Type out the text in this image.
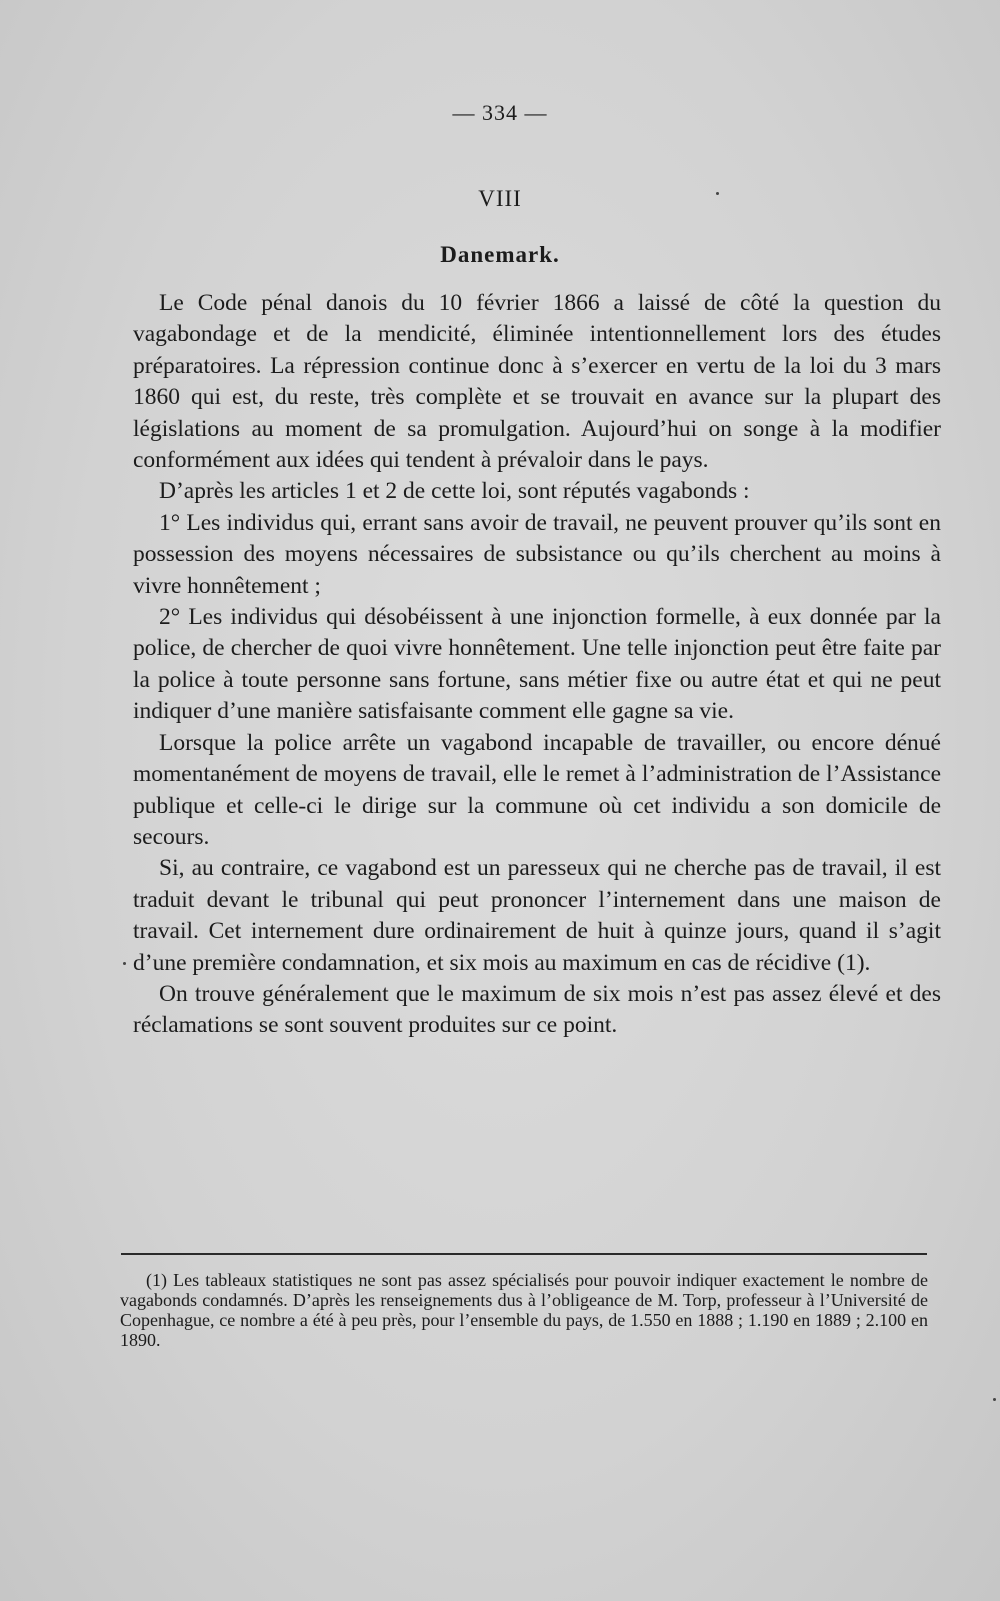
— 334 —
VIII
Danemark.

Le Code pénal danois du 10 février 1866 a laissé de côté la question du vagabondage et de la mendicité, éliminée intentionnellement lors des études préparatoires. La répression continue donc à s’exercer en vertu de la loi du 3 mars 1860 qui est, du reste, très complète et se trouvait en avance sur la plupart des législations au moment de sa promulgation. Aujourd’hui on songe à la modifier conformément aux idées qui tendent à prévaloir dans le pays.

D’après les articles 1 et 2 de cette loi, sont réputés vagabonds :

1° Les individus qui, errant sans avoir de travail, ne peuvent prouver qu’ils sont en possession des moyens nécessaires de subsistance ou qu’ils cherchent au moins à vivre honnêtement ;

2° Les individus qui désobéissent à une injonction formelle, à eux donnée par la police, de chercher de quoi vivre honnêtement. Une telle injonction peut être faite par la police à toute personne sans fortune, sans métier fixe ou autre état et qui ne peut indiquer d’une manière satisfaisante comment elle gagne sa vie.

Lorsque la police arrête un vagabond incapable de travailler, ou encore dénué momentanément de moyens de travail, elle le remet à l’administration de l’Assistance publique et celle-ci le dirige sur la commune où cet individu a son domicile de secours.

Si, au contraire, ce vagabond est un paresseux qui ne cherche pas de travail, il est traduit devant le tribunal qui peut prononcer l’internement dans une maison de travail. Cet internement dure ordinairement de huit à quinze jours, quand il s’agit d’une première condamnation, et six mois au maximum en cas de récidive (1).

On trouve généralement que le maximum de six mois n’est pas assez élevé et des réclamations se sont souvent produites sur ce point.

(1) Les tableaux statistiques ne sont pas assez spécialisés pour pouvoir indiquer exactement le nombre de vagabonds condamnés. D’après les renseignements dus à l’obligeance de M. Torp, professeur à l’Université de Copenhague, ce nombre a été à peu près, pour l’ensemble du pays, de 1.550 en 1888 ; 1.190 en 1889 ; 2.100 en 1890.
